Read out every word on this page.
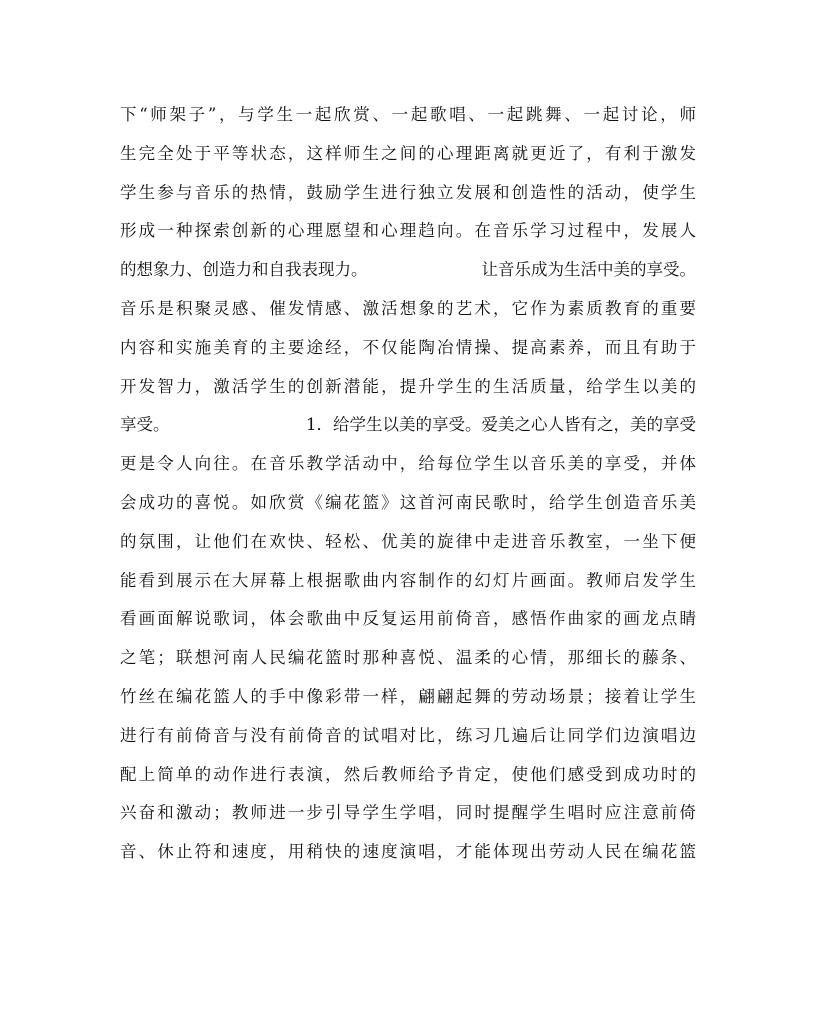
下“师架子”，与学生一起欣赏、一起歌唱、一起跳舞、一起讨论，师
生完全处于平等状态，这样师生之间的心理距离就更近了，有利于激发
学生参与音乐的热情，鼓励学生进行独立发展和创造性的活动，使学生
形成一种探索创新的心理愿望和心理趋向。在音乐学习过程中，发展人
的想象力、创造力和自我表现力。	让音乐成为生活中美的享受。
音乐是积聚灵感、催发情感、激活想象的艺术，它作为素质教育的重要
内容和实施美育的主要途经，不仅能陶冶情操、提高素养，而且有助于
开发智力，激活学生的创新潜能，提升学生的生活质量，给学生以美的
享受。	1．给学生以美的享受。爱美之心人皆有之，美的享受
更是令人向往。在音乐教学活动中，给每位学生以音乐美的享受，并体
会成功的喜悦。如欣赏《编花篮》这首河南民歌时，给学生创造音乐美
的氛围，让他们在欢快、轻松、优美的旋律中走进音乐教室，一坐下便
能看到展示在大屏幕上根据歌曲内容制作的幻灯片画面。教师启发学生
看画面解说歌词，体会歌曲中反复运用前倚音，感悟作曲家的画龙点睛
之笔；联想河南人民编花篮时那种喜悦、温柔的心情，那细长的藤条、
竹丝在编花篮人的手中像彩带一样，翩翩起舞的劳动场景；接着让学生
进行有前倚音与没有前倚音的试唱对比，练习几遍后让同学们边演唱边
配上简单的动作进行表演，然后教师给予肯定，使他们感受到成功时的
兴奋和激动；教师进一步引导学生学唱，同时提醒学生唱时应注意前倚
音、休止符和速度，用稍快的速度演唱，才能体现出劳动人民在编花篮
